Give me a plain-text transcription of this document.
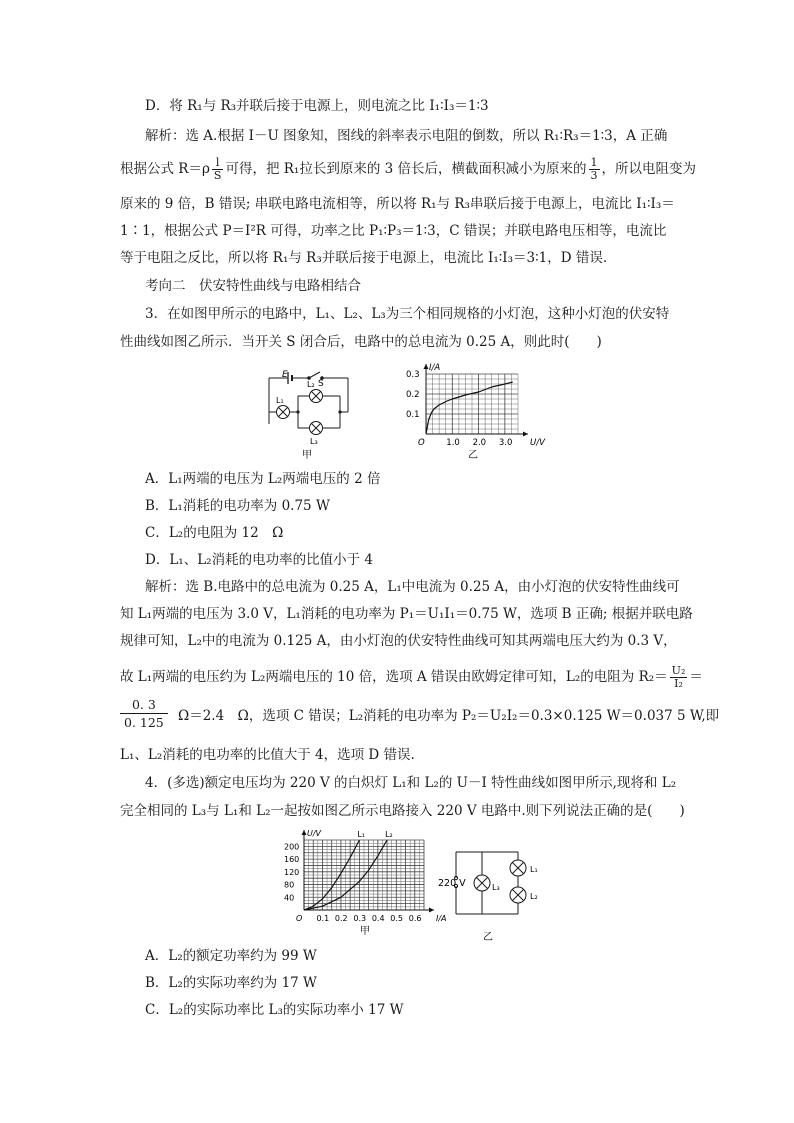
D．将 R₁与 R₃并联后接于电源上，则电流之比 I₁∶I₃＝1∶3
解析：选 A.根据 I－U 图象知，图线的斜率表示电阻的倒数，所以 R₁∶R₃＝1∶3，A 正确
根据公式 $R=\rho \frac{l}{S}$ 可得，把 R₁拉长到原来的 3 倍长后，横截面积减小为原来的 $\frac{1}{3}$ ，所以电阻变为
原来的 9 倍，B 错误; 串联电路电流相等，所以将 R₁与 R₃串联后接于电源上，电流比 I₁∶I₃＝
1∶1，根据公式 P＝I²R 可得，功率之比 P₁∶P₃＝1∶3，C 错误；并联电路电压相等，电流比
等于电阻之反比，所以将 R₁与 R₃并联后接于电源上，电流比 I₁∶I₃＝3∶1，D 错误.
考向二　伏安特性曲线与电路相结合
3．在如图甲所示的电路中，L₁、L₂、L₃为三个相同规格的小灯泡，这种小灯泡的伏安特
性曲线如图乙所示．当开关 S 闭合后，电路中的总电流为 0.25 A，则此时(　　)
E
S
L₁
L₂
L₃
甲
O	1.0 2.0 3.0
0.1
0.2
0.3
U/V
I/A
乙
A．L₁两端的电压为 L₂两端电压的 2 倍
B．L₁消耗的电功率为 0.75 W
C．L₂的电阻为 12　Ω
D．L₁、L₂消耗的电功率的比值小于 4
解析：选 B.电路中的总电流为 0.25 A，L₁中电流为 0.25 A，由小灯泡的伏安特性曲线可
知 L₁两端的电压为 3.0 V，L₁消耗的电功率为 P₁＝U₁I₁＝0.75 W，选项 B 正确; 根据并联电路
规律可知，L₂中的电流为 0.125 A，由小灯泡的伏安特性曲线可知其两端电压大约为 0.3 V，
故 L₁两端的电压约为 L₂两端电压的 10 倍，选项 A 错误由欧姆定律可知，L₂的电阻为 $R_2= \frac{\text{U₂}}{\text{I₂}}$ ＝
$\frac{0. 3}{0. 125} \Omega=2.4$　Ω，选项 C 错误；L₂消耗的电功率为 P₂＝U₂I₂＝0.3×0.125 W＝0.037 5 W,即
L₁、L₂消耗的电功率的比值大于 4，选项 D 错误.
4．(多选)额定电压均为 220 V 的白炽灯 L₁和 L₂的 U－I 特性曲线如图甲所示,现将和 L₂
完全相同的 L₃与 L₁和 L₂一起按如图乙所示电路接入 220 V 电路中.则下列说法正确的是(　　)
O 0.1 0.2 0.3 0.4 0.5 0.6
40
80
120
160
200
I/A
U/V
甲
L₁	L₂
220 V	L₃
L₁
L₂
乙
A．L₂的额定功率约为 99 W
B．L₂的实际功率约为 17 W
C．L₂的实际功率比 L₃的实际功率小 17 W
